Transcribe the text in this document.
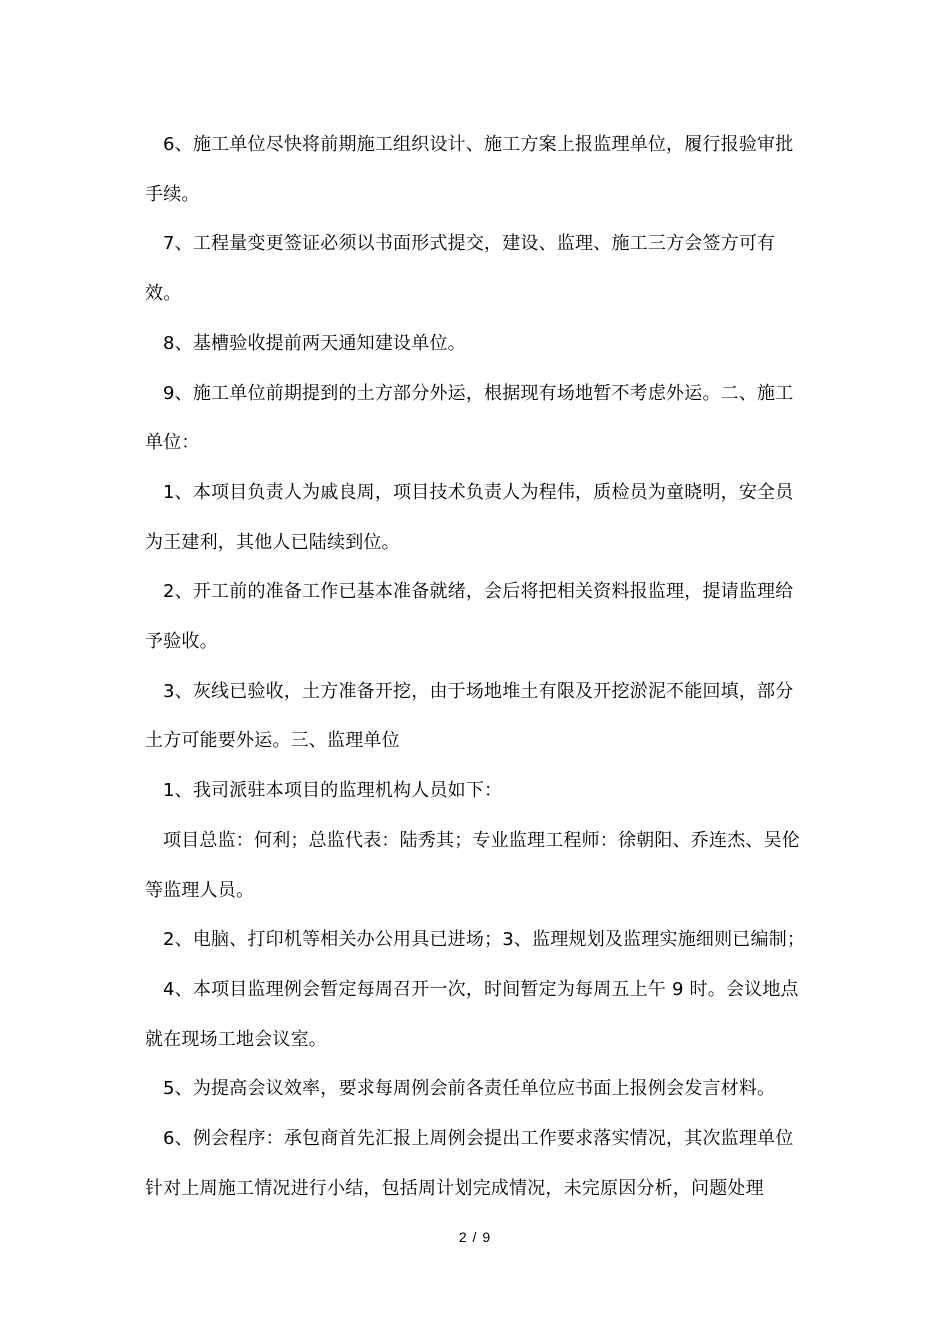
6、施工单位尽快将前期施工组织设计、施工方案上报监理单位，履行报验审批手续。

7、工程量变更签证必须以书面形式提交，建设、监理、施工三方会签方可有效。

8、基槽验收提前两天通知建设单位。

9、施工单位前期提到的土方部分外运，根据现有场地暂不考虑外运。二、施工单位：

1、本项目负责人为戚良周，项目技术负责人为程伟，质检员为童晓明，安全员为王建利，其他人已陆续到位。

2、开工前的准备工作已基本准备就绪，会后将把相关资料报监理，提请监理给予验收。

3、灰线已验收，土方准备开挖，由于场地堆土有限及开挖淤泥不能回填，部分土方可能要外运。三、监理单位

1、我司派驻本项目的监理机构人员如下：

项目总监：何利；总监代表：陆秀其；专业监理工程师：徐朝阳、乔连杰、吴伦等监理人员。

2、电脑、打印机等相关办公用具已进场；3、监理规划及监理实施细则已编制；

4、本项目监理例会暂定每周召开一次，时间暂定为每周五上午 9 时。会议地点就在现场工地会议室。

5、为提高会议效率，要求每周例会前各责任单位应书面上报例会发言材料。

6、例会程序：承包商首先汇报上周例会提出工作要求落实情况，其次监理单位针对上周施工情况进行小结，包括周计划完成情况，未完原因分析，问题处理

2 / 9
